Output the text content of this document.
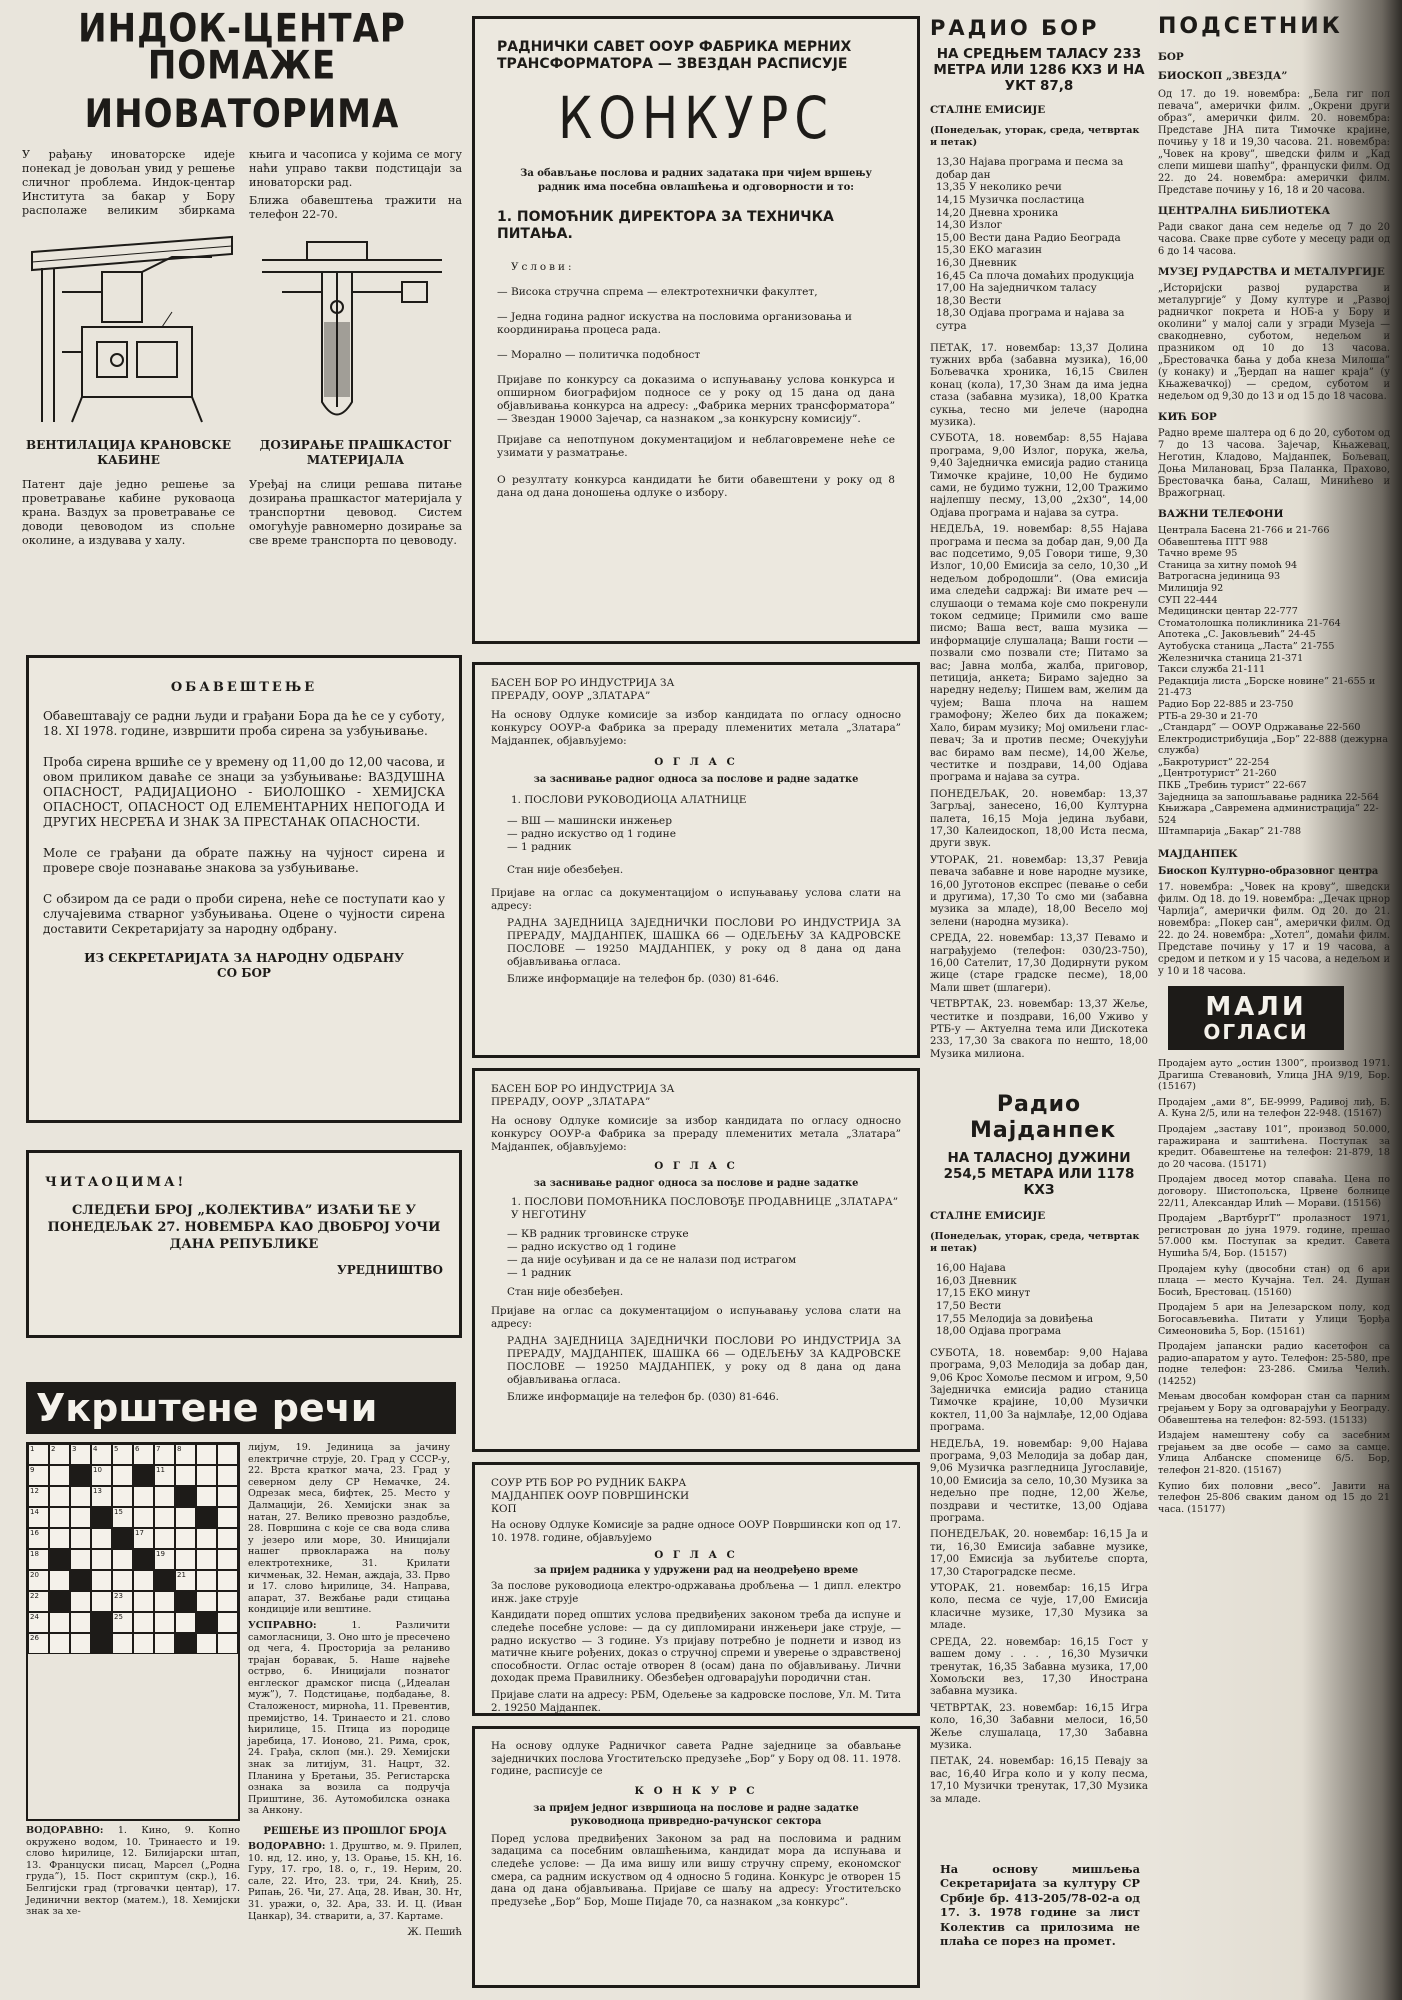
ИНДОК-ЦЕНТАР
ПОМАЖЕ ИНОВАТОРИМА

У рађању иноваторске идеје понекад је довољан увид у решење сличног проблема. Индок-центар Института за бакар у Бору располаже великим збиркама књига и часописа у којима се могу наћи управо такви подстицаји за иноваторски рад.

Ближа обавештења тражити на телефон 22-70.

ВЕНТИЛАЦИЈА КРАНОВСКЕ КАБИНЕ

Патент даје једно решење за проветравање кабине руковаоца крана. Ваздух за проветравање се доводи цевоводом из спољне околине, а издувава у халу.

ДОЗИРАЊЕ ПРАШКАСТОГ МАТЕРИЈАЛА

Уређај на слици решава питање дозирања прашкастог материјала у транспортни цевовод. Систем омогућује равномерно дозирање за све време транспорта по цевоводу.

ОБАВЕШТЕЊЕ

Обавештавају се радни људи и грађани Бора да ће се у суботу, 18. XI 1978. године, извршити проба сирена за узбуњивање.

Проба сирена вршиће се у времену од 11,00 до 12,00 часова, и овом приликом даваће се знаци за узбуњивање: ВАЗДУШНА ОПАСНОСТ, РАДИЈАЦИОНО - БИОЛОШКО - ХЕМИЈСКА ОПАСНОСТ, ОПАСНОСТ ОД ЕЛЕМЕНТАРНИХ НЕПОГОДА И ДРУГИХ НЕСРЕЋА И ЗНАК ЗА ПРЕСТАНАК ОПАСНОСТИ.

Моле се грађани да обрате пажњу на чујност сирена и провере своје познавање знакова за узбуњивање.

С обзиром да се ради о проби сирена, неће се поступати као у случајевима стварног узбуњивања. Оцене о чујности сирена доставити Секретаријату за народну одбрану.

ИЗ СЕКРЕТАРИЈАТА ЗА НАРОДНУ ОДБРАНУ СО БОР
ЧИТАОЦИМА!
СЛЕДЕЋИ БРОЈ „КОЛЕКТИВА” ИЗАЋИ ЋЕ У ПОНЕДЕЉАК 27. НОВЕМБРА КАО ДВОБРОЈ УОЧИ ДАНА РЕПУБЛИКЕ
УРЕДНИШТВО
Укрштене речи
1 2 3 4 5 6 7 8
9	10	11
12	13
14	15
16	17
18	19
20	21
22	23
24	25
26

лијум, 19. Јединица за јачину електричне струје, 20. Град у СССР-у, 22. Врста кратког мача, 23. Град у северном делу СР Немачке, 24. Одрезак меса, бифтек, 25. Место у Далмацији, 26. Хемијски знак за натан, 27. Велико превозно раздобље, 28. Површина с које се сва вода слива у језеро или море, 30. Иницијали нашег првоклаража на пољу електротехнике, 31. Крилати кичмењак, 32. Неман, аждаја, 33. Прво и 17. слово ћирилице, 34. Направа, апарат, 37. Вежбање ради стицања кондиције или вештине.

УСПРАВНО:	1. Различити самогласници, 3. Оно што је пресечено од чега, 4. Просторија за реланиво трајан боравак, 5. Наше највеће острво, 6. Иницијали познатог енглеског драмског писца („Идеалан муж”), 7. Подстицање, подбадање, 8. Сталоженост, мирноћа, 11. Превентив, премијство, 14. Тринаесто и 21. слово ћирилице, 15. Птица из породице јаребица, 17. Ионово, 21. Рима, срок, 24. Грађа, склоп (мн.). 29. Хемијски знак за литијум, 31. Нацрт, 32. Планина у Бретањи, 35. Регистарска ознака за возила са подручја Приштине, 36. Аутомобилска ознака за Анкону.

ВОДОРАВНО: 1. Кино, 9. Копно окружено водом, 10. Тринаесто и 19. слово ћирилице, 12. Билијарски штап, 13. Француски писац, Марсел („Родна груда”), 15. Пост скриптум (скр.), 16. Белгијски град (трговачки центар), 17. Јединични вектор (матем.), 18. Хемијски знак за хе-

РЕШЕЊЕ ИЗ ПРОШЛОГ БРОЈА

ВОДОРАВНО: 1. Друштво, м. 9. Прилеп, 10. нд, 12. ино, у, 13. Орање, 15. КН, 16. Гуру, 17. гро, 18. о, г., 19. Нерим, 20. сале, 22. Ито, 23. три, 24. Книђ, 25. Рипањ, 26. Чи, 27. Аца, 28. Иван, 30. Нт, 31. уражи, о, 32. Ара, 33. И. Ц. (Иван Цанкар), 34. стварити, а, 37. Картаме.

Ж. Пешић
РАДНИЧКИ САВЕТ ООУР ФАБРИКА МЕРНИХ ТРАНСФОРМАТОРА — ЗВЕЗДАН РАСПИСУЈЕ
КОНКУРС

За обављање послова и радних задатака при чијем вршењу радник има посебна овлашћења и одговорности и то:

1. ПОМОЋНИК ДИРЕКТОРА ЗА ТЕХНИЧКА ПИТАЊА.
Услови:
— Висока стручна спрема — електротехнички факултет,
— Једна година радног искуства на пословима организовања и координирања процеса рада.
— Морално — политичка подобност

Пријаве по конкурсу са доказима о испуњавању услова конкурса и опширном биографијом подносе се у року од 15 дана од дана објављивања конкурса на адресу: „Фабрика мерних трансформатора” — Звездан 19000 Зајечар, са назнаком „за конкурсну комисију”.

Пријаве са непотпуном документацијом и неблаговремене неће се узимати у разматрање.

О резултату конкурса кандидати ће бити обавештени у року од 8 дана од дана доношења одлуке о избору.

БАСЕН БОР РО ИНДУСТРИЈА ЗА ПРЕРАДУ, ООУР „ЗЛАТАРА”

На основу Одлуке комисије за избор кандидата по огласу односно конкурсу ООУР-а Фабрика за прераду племенитих метала „Златара” Мајданпек, објављујемо:

О Г Л А С
за заснивање радног односа за послове и радне задатке
1. ПОСЛОВИ РУКОВОДИОЦА АЛАТНИЦЕ
— ВШ — машински инжењер
— радно искуство од 1 године
— 1 радник
Стан није обезбеђен.

Пријаве на оглас са документацијом о испуњавању услова слати на адресу:

РАДНА ЗАЈЕДНИЦА ЗАЈЕДНИЧКИ ПОСЛОВИ РО ИНДУСТРИЈА ЗА ПРЕРАДУ, МАЈДАНПЕК, ШАШКА 66 — ОДЕЉЕЊУ ЗА КАДРОВСКЕ ПОСЛОВЕ — 19250 МАЈДАНПЕК, у року од 8 дана од дана објављивања огласа.

Ближе информације на телефон бр. (030) 81-646.

БАСЕН БОР РО ИНДУСТРИЈА ЗА ПРЕРАДУ, ООУР „ЗЛАТАРА”

На основу Одлуке комисије за избор кандидата по огласу односно конкурсу ООУР-а Фабрика за прераду племенитих метала „Златара” Мајданпек, објављујемо:

О Г Л А С
за заснивање радног односа за послове и радне задатке
1. ПОСЛОВИ ПОМОЋНИКА ПОСЛОВОЂЕ ПРОДАВНИЦЕ „ЗЛАТАРА” У НЕГОТИНУ
— КВ радник трговинске струке
— радно искуство од 1 године
— да није осуђиван и да се не налази под истрагом
— 1 радник
Стан није обезбеђен.

Пријаве на оглас са документацијом о испуњавању услова слати на адресу:

РАДНА ЗАЈЕДНИЦА ЗАЈЕДНИЧКИ ПОСЛОВИ РО ИНДУСТРИЈА ЗА ПРЕРАДУ, МАЈДАНПЕК, ШАШКА 66 — ОДЕЉЕЊУ ЗА КАДРОВСКЕ ПОСЛОВЕ — 19250 МАЈДАНПЕК, у року од 8 дана од дана објављивања огласа.

Ближе информације на телефон бр. (030) 81-646.

СОУР РТБ БОР РО РУДНИК БАКРА МАЈДАНПЕК ООУР ПОВРШИНСКИ КОП

На основу Одлуке Комисије за радне односе ООУР Површински коп од 17. 10. 1978. године, објављујемо

О Г Л А С
за пријем радника у удружени рад на неодређено време

За послове руководиоца електро-одржавања дробљења — 1 дипл. електро инж. јаке струје

Кандидати поред општих услова предвиђених законом треба да испуне и следеће посебне услове: — да су дипломирани инжењери јаке струје, — радно искуство — 3 године. Уз пријаву потребно је поднети и извод из матичне књиге рођених, доказ о стручној спреми и уверење о здравственој способности. Оглас остаје отворен 8 (осам) дана по објављивању. Лични доходак према Правилнику. Обезбеђен одговарајући породични стан.

Пријаве слати на адресу: РБМ, Одељење за кадровске послове, Ул. М. Тита 2. 19250 Мајданпек.

На основу одлуке Радничког савета Радне заједнице за обављање заједничких послова Угоститељско предузеће „Бор” у Бору од 08. 11. 1978. године, расписује се

К О Н К У Р С
за пријем једног извршиоца на послове и радне задатке руководиоца привредно-рачунског сектора

Поред услова предвиђених Законом за рад на пословима и радним задацима са посебним овлашћењима, кандидат мора да испуњава и следеће услове: — Да има вишу или вишу стручну спрему, економског смера, са радним искуством од 4 односно 5 година. Конкурс је отворен 15 дана од дана објављивања. Пријаве се шаљу на адресу: Угоститељско предузеће „Бор” Бор, Моше Пијаде 70, са назнаком „за конкурс”.

РАДИО БОР
НА СРЕДЊЕМ ТАЛАСУ 233 МЕТРА ИЛИ 1286 КХЗ И НА УКТ 87,8
СТАЛНЕ ЕМИСИЈЕ
(Понедељак, уторак, среда, четвртак и петак)
13,30 Најава програма и песма за добар дан
13,35 У неколико речи
14,15 Музичка посластица
14,20 Дневна хроника
14,30 Излог
15,00 Вести дана Радио Београда
15,30 ЕКО магазин
16,30 Дневник
16,45 Са плоча домаћих продукција
17,00 На заједничком таласу
18,30 Вести
18,30 Одјава програма и најава за сутра

ПЕТАК, 17. новембар: 13,37 Долина тужних врба (забавна музика), 16,00 Бољевачка хроника, 16,15 Свилен конац (кола), 17,30 Знам да има једна стаза (забавна музика), 18,00 Кратка сукња, тесно ми јелече (народна музика).

СУБОТА, 18. новембар: 8,55 Најава програма, 9,00 Излог, порука, жеља, 9,40 Заједничка емисија радио станица Тимочке крајине, 10,00 Не будимо сами, не будимо тужни, 12,00 Тражимо најлепшу песму, 13,00 „2х30”, 14,00 Одјава програма и најава за сутра.

НЕДЕЉА, 19. новембар: 8,55 Најава програма и песма за добар дан, 9,00 Да вас подсетимо, 9,05 Говори тише, 9,30 Излог, 10,00 Емисија за село, 10,30 „И недељом добродошли”. (Ова емисија има следећи садржај: Ви имате реч — слушаоци о темама које смо покренули током седмице; Примили смо ваше писмо; Ваша вест, ваша музика — информације слушалаца; Ваши гости — позвали смо позвали сте; Питамо за вас; Јавна молба, жалба, приговор, петиција, анкета; Бирамо заједно за наредну недељу; Пишем вам, желим да чујем; Ваша плоча на нашем грамофону; Желео бих да покажем; Хало, бирам музику; Мој омиљени глас-певач; За и против песме; Очекујући вас бирамо вам песме), 14,00 Жеље, честитке и поздрави, 14,00 Одјава програма и најава за сутра.

ПОНЕДЕЉАК, 20. новембар: 13,37 Загрљај, занесено, 16,00 Културна палета, 16,15 Моја једина љубави, 17,30 Калеидоскоп, 18,00 Иста песма, други звук.

УТОРАК, 21. новембар: 13,37 Ревија певача забавне и нове народне музике, 16,00 Југотонов експрес (певање о себи и другима), 17,30 То смо ми (забавна музика за младе), 18,00 Весело мој зелени (народна музика).

СРЕДА, 22. новембар: 13,37 Певамо и награђујемо (телефон: 030/23-750), 16,00 Сателит, 17,30 Додирнути руком жице (старе градске песме), 18,00 Мали швет (шлагери).

ЧЕТВРТАК, 23. новембар: 13,37 Жеље, честитке и поздрави, 16,00 Уживо у РТБ-у — Актуелна тема или Дискотека 233, 17,30 За свакога по нешто, 18,00 Музика милиона.

Радио Мајданпек
НА ТАЛАСНОЈ ДУЖИНИ 254,5 МЕТАРА ИЛИ 1178 КХЗ
СТАЛНЕ ЕМИСИЈЕ
(Понедељак, уторак, среда, четвртак и петак)
16,00 Најава
16,03 Дневник
17,15 ЕКО минут
17,50 Вести
17,55 Мелодија за довиђења
18,00 Одјава програма

СУБОТА, 18. новембар: 9,00 Најава програма, 9,03 Мелодија за добар дан, 9,06 Крос Хомоље песмом и игром, 9,50 Заједничка емисија радио станица Тимочке крајине, 10,00 Музички коктел, 11,00 За најмлађе, 12,00 Одјава програма.

НЕДЕЉА, 19. новембар: 9,00 Најава програма, 9,03 Мелодија за добар дан, 9,06 Музичка разгледница Југославије, 10,00 Емисија за село, 10,30 Музика за недељно пре подне, 12,00 Жеље, поздрави и честитке, 13,00 Одјава програма.

ПОНЕДЕЉАК, 20. новембар: 16,15 Ја и ти, 16,30 Емисија забавне музике, 17,00 Емисија за љубитеље спорта, 17,30 Старогрaдске песме.

УТОРАК, 21. новембар: 16,15 Игра коло, песма се чује, 17,00 Емисија класичне музике, 17,30 Музика за младе.

СРЕДА, 22. новембар: 16,15 Гост у вашем дому . . . , 16,30 Музички тренутак, 16,35 Забавна музика, 17,00 Хомољски вез, 17,30 Инострана забавна музика.

ЧЕТВРТАК, 23. новембар: 16,15 Игра коло, 16,30 Забавни мелоси, 16,50 Жеље слушалаца, 17,30 Забавна музика.

ПЕТАК, 24. новембар: 16,15 Певају за вас, 16,40 Игра коло и у колу песма, 17,10 Музички тренутак, 17,30 Музика за младе.

На основу мишљења Секретаријата за културу СР Србије бр. 413-205/78-02-а од 17. 3. 1978 године за лист Колектив са прилозима не плаћа се порез на промет.
ПОДСЕТНИК
БОР
БИОСКОП „ЗВЕЗДА”

Од 17. до 19. новембра: „Бела гиг пол певача”, амерички филм. „Окрени други образ”, амерички филм. 20. новембра: Представе ЈНА пита Тимочке крајине, почињу у 18 и 19,30 часова. 21. новембра: „Човек на крову”, шведски филм и „Кад слепи мишеви шапћу”, француски филм. Од 22. до 24. новембра: амерички филм. Представе почињу у 16, 18 и 20 часова.

ЦЕНТРАЛНА БИБЛИОТЕКА

Ради сваког дана сем недеље од 7 до 20 часова. Сваке прве суботе у месецу ради од 6 до 14 часова.

МУЗЕЈ РУДАРСТВА И МЕТАЛУРГИЈЕ

„Историјски развој рударства и металургије” у Дому културе и „Развој радничког покрета и НОБ-а у Бору и околини” у малој сали у згради Музеја — свакодневно, суботом, недељом и празником од 10 до 13 часова. „Брестовачка бања у доба кнеза Милоша” (у конаку) и „Ђердап на нашег краја” (у Књажевачкој) — средом, суботом и недељом од 9,30 до 13 и од 15 до 18 часова.

КИЋ БОР

Радно време шалтера од 6 до 20, суботом од 7 до 13 часова. Зајечар, Књажевац, Неготин, Кладово, Мајданпек, Бољевац, Доња Милановац, Брза Паланка, Прахово, Брестовачка бања, Салаш, Минићево и Вражогрнац.

ВАЖНИ ТЕЛЕФОНИ
Централа Басена 21-766 и 21-766
Обавештења ПТТ 988
Тачно време 95
Станица за хитну помоћ 94
Ватрогасна јединица 93
Милиција 92
СУП 22-444
Медицински центар 22-777
Стоматолошка поликлиника 21-764
Апотека „С. Јаковљевић” 24-45
Аутобуска станица „Ласта” 21-755
Железничка станица 21-371
Такси служба 21-111
Редакција листа „Борске новине” 21-655 и 21-473
Радио Бор 22-885 и 23-750
РТБ-а 29-30 и 21-70
„Стандард” — ООУР Одржавање 22-560
Електродистрибуција „Бор” 22-888 (дежурна служба)
„Бакротурист” 22-254
„Центротурист” 21-260
ПКБ „Требињ турист” 22-667
Заједница за запошљавање радника 22-564
Књижара „Савремена администрација” 22-524
Штампарија „Бакар” 21-788
МАЈДАНПЕК
Биоскоп Културно-образовног центра

17. новембра: „Човек на крову”, шведски филм. Од 18. до 19. новембра: „Дечак црнор Чарлија”, амерички филм. Од 20. до 21. новембра: „Покер сан”, амерички филм. Од 22. до 24. новембра: „Хотел”, домаћи филм. Представе почињу у 17 и 19 часова, а средом и петком и у 15 часова, а недељом и у 10 и 18 часова.

МАЛИ
ОГЛАСИ

Продајем ауто „остин 1300”, производ 1971. Драгиша Стевановић, Улица ЈНА 9/19, Бор. (15167)

Продајем „ами 8”, БЕ-9999, Радивој лиђ, Б. А. Куна 2/5, или на телефон 22-948. (15167)

Продајем „заставу 101”, производ 50.000, гаражирана и заштићена. Поступак за кредит. Обавештење на телефон: 21-879, 18 до 20 часова. (15171)

Продајем двосед мотор спаваћа. Цена по договору. Шистопољска, Црвене болнице 22/11, Александар Илић — Морави. (15156)

Продајем „ВартбургТ” пролазност 1971, регистрован до јуна 1979. године, прешао 57.000 км. Поступак за кредит. Савета Нушића 5/4, Бор. (15157)

Продајем кућу (двособни стан) од 6 ари плаца — место Кучајна. Тел. 24. Душан Босић, Брестовац. (15160)

Продајем 5 ари на Јелезарском полу, код Богосављевића. Питати у Улици Ђорђа Симеоновића 5, Бор. (15161)

Продајем јапански радио касетофон са радио-апаратом у ауто. Телефон: 25-580, пре подне телефон: 23-286. Смиља Челић. (14252)

Мењам двособан комфоран стан са парним грејањем у Бору за одговарајући у Београду. Обавештења на телефон: 82-593. (15133)

Издајем намештену собу са засебним грејањем за две особе — само за самце. Улица Албанске споменице 6/5. Бор, телефон 21-820. (15167)

Купио бих половни „весо”. Јавити на телефон 25-806 сваким даном од 15 до 21 часа. (15177)
